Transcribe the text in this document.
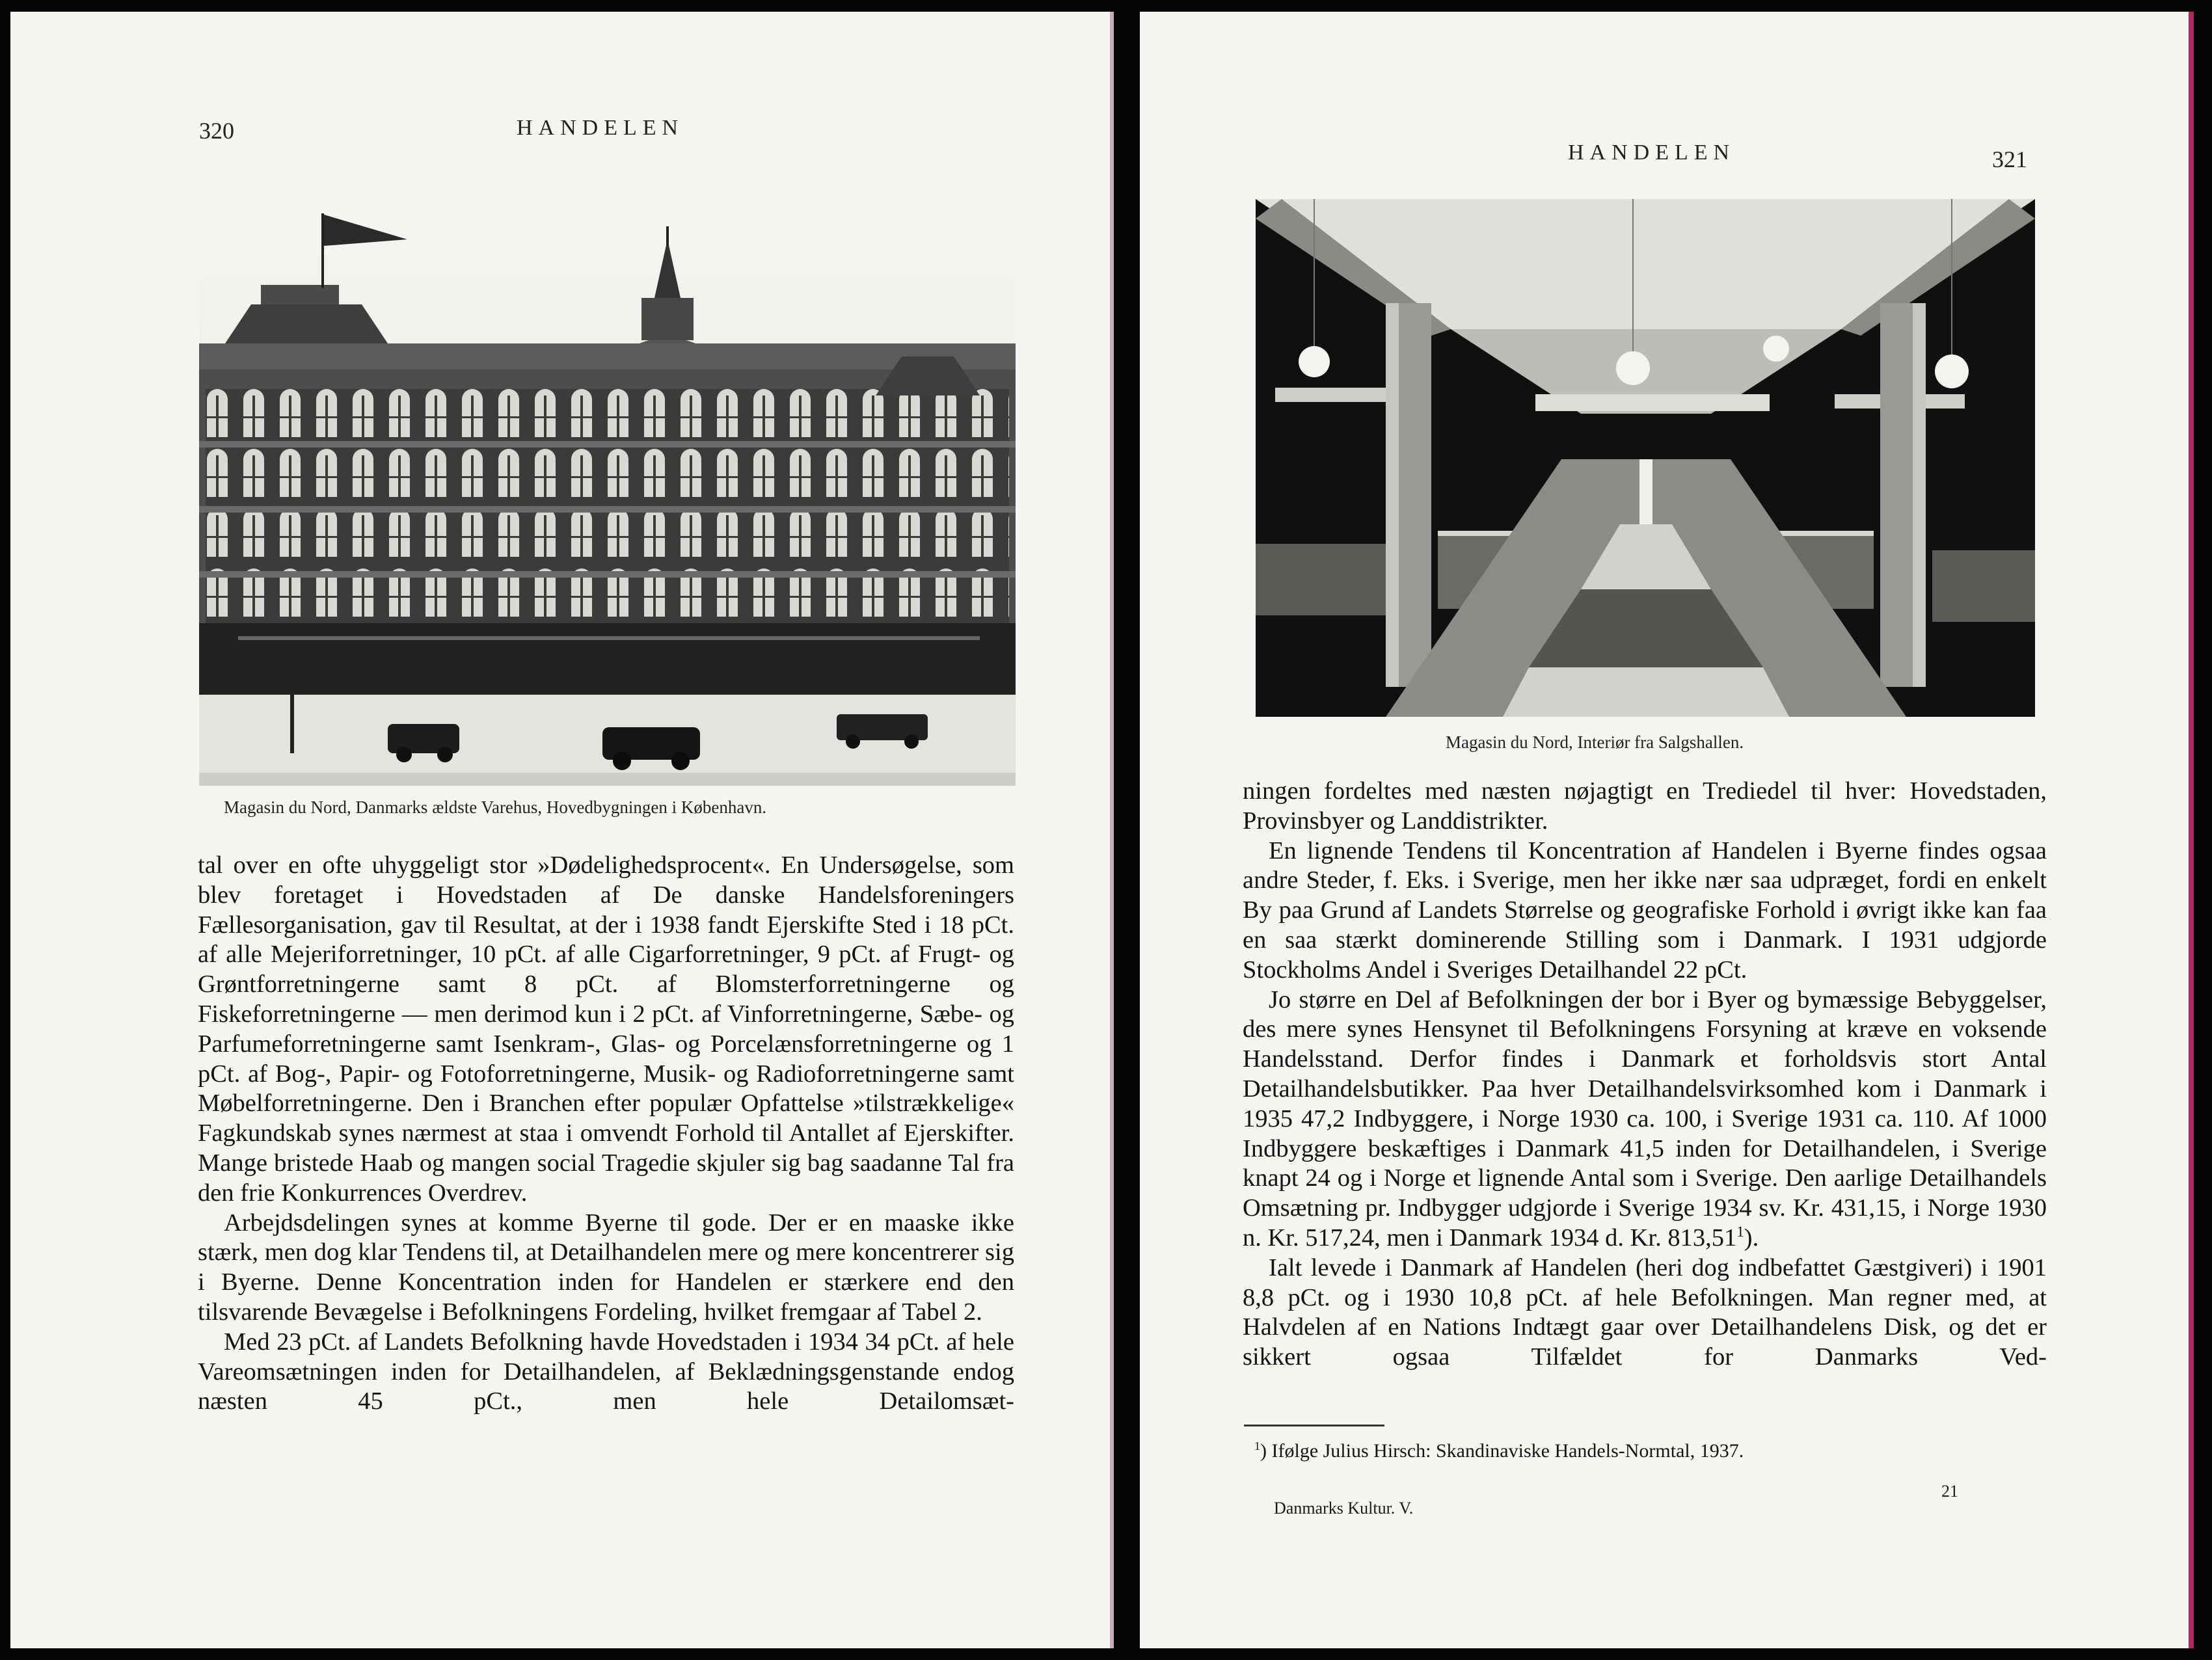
320	HANDELEN
Magasin du Nord, Danmarks ældste Varehus, Hovedbygningen i København.

tal over en ofte uhyggeligt stor »Dødelighedsprocent«. En Undersøgelse, som blev foretaget i Hovedstaden af De danske Handelsforeningers Fællesorganisation, gav til Resultat, at der i 1938 fandt Ejerskifte Sted i 18 pCt. af alle Mejeriforretninger, 10 pCt. af alle Cigarforretninger, 9 pCt. af Frugt- og Grøntforretningerne samt 8 pCt. af Blomsterforretningerne og Fiskeforretningerne — men derimod kun i 2 pCt. af Vinforretningerne, Sæbe- og Parfumeforretningerne samt Isenkram-, Glas- og Porcelænsforretningerne og 1 pCt. af Bog-, Papir- og Fotoforretningerne, Musik- og Radioforretningerne samt Møbelforretningerne. Den i Branchen efter populær Opfattelse »tilstrækkelige« Fagkundskab synes nærmest at staa i omvendt Forhold til Antallet af Ejerskifter. Mange bristede Haab og mangen social Tragedie skjuler sig bag saadanne Tal fra den frie Konkurrences Overdrev.

Arbejdsdelingen synes at komme Byerne til gode. Der er en maaske ikke stærk, men dog klar Tendens til, at Detailhandelen mere og mere koncentrerer sig i Byerne. Denne Koncentration inden for Handelen er stærkere end den tilsvarende Bevægelse i Befolkningens Fordeling, hvilket fremgaar af Tabel 2.

Med 23 pCt. af Landets Befolkning havde Hovedstaden i 1934 34 pCt. af hele Vareomsætningen inden for Detailhandelen, af Beklædningsgenstande endog næsten 45 pCt., men hele Detailomsæt-

HANDELEN	321
Magasin du Nord, Interiør fra Salgshallen.

ningen fordeltes med næsten nøjagtigt en Trediedel til hver: Hovedstaden, Provinsbyer og Landdistrikter.

En lignende Tendens til Koncentration af Handelen i Byerne findes ogsaa andre Steder, f. Eks. i Sverige, men her ikke nær saa udpræget, fordi en enkelt By paa Grund af Landets Størrelse og geografiske Forhold i øvrigt ikke kan faa en saa stærkt dominerende Stilling som i Danmark. I 1931 udgjorde Stockholms Andel i Sveriges Detailhandel 22 pCt.

Jo større en Del af Befolkningen der bor i Byer og bymæssige Bebyggelser, des mere synes Hensynet til Befolkningens Forsyning at kræve en voksende Handelsstand. Derfor findes i Danmark et forholdsvis stort Antal Detailhandelsbutikker. Paa hver Detailhandelsvirksomhed kom i Danmark i 1935 47,2 Indbyggere, i Norge 1930 ca. 100, i Sverige 1931 ca. 110. Af 1000 Indbyggere beskæftiges i Danmark 41,5 inden for Detailhandelen, i Sverige knapt 24 og i Norge et lignende Antal som i Sverige. Den aarlige Detailhandels Omsætning pr. Indbygger udgjorde i Sverige 1934 sv. Kr. 431,15, i Norge 1930 n. Kr. 517,24, men i Danmark 1934 d. Kr. 813,51$^1$).

Ialt levede i Danmark af Handelen (heri dog indbefattet Gæstgiveri) i 1901 8,8 pCt. og i 1930 10,8 pCt. af hele Befolkningen. Man regner med, at Halvdelen af en Nations Indtægt gaar over Detailhandelens Disk, og det er sikkert ogsaa Tilfældet for Danmarks Ved-

$^1$) Ifølge Julius Hirsch: Skandinaviske Handels-Normtal, 1937.
Danmarks Kultur. V.
21
